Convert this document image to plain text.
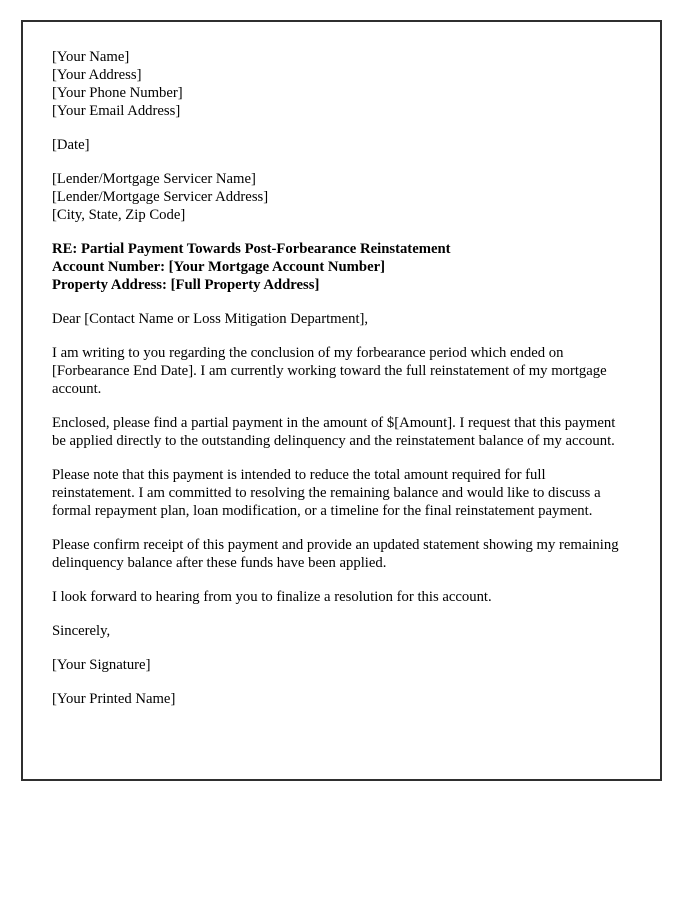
[Your Name]
[Your Address]
[Your Phone Number]
[Your Email Address]
[Date]
[Lender/Mortgage Servicer Name]
[Lender/Mortgage Servicer Address]
[City, State, Zip Code]
RE: Partial Payment Towards Post-Forbearance Reinstatement
Account Number: [Your Mortgage Account Number]
Property Address: [Full Property Address]

Dear [Contact Name or Loss Mitigation Department],

I am writing to you regarding the conclusion of my forbearance period which ended on [Forbearance End Date]. I am currently working toward the full reinstatement of my mortgage account.

Enclosed, please find a partial payment in the amount of $[Amount]. I request that this payment be applied directly to the outstanding delinquency and the reinstatement balance of my account.

Please note that this payment is intended to reduce the total amount required for full reinstatement. I am committed to resolving the remaining balance and would like to discuss a formal repayment plan, loan modification, or a timeline for the final reinstatement payment.

Please confirm receipt of this payment and provide an updated statement showing my remaining delinquency balance after these funds have been applied.

I look forward to hearing from you to finalize a resolution for this account.

Sincerely,

[Your Signature]

[Your Printed Name]
